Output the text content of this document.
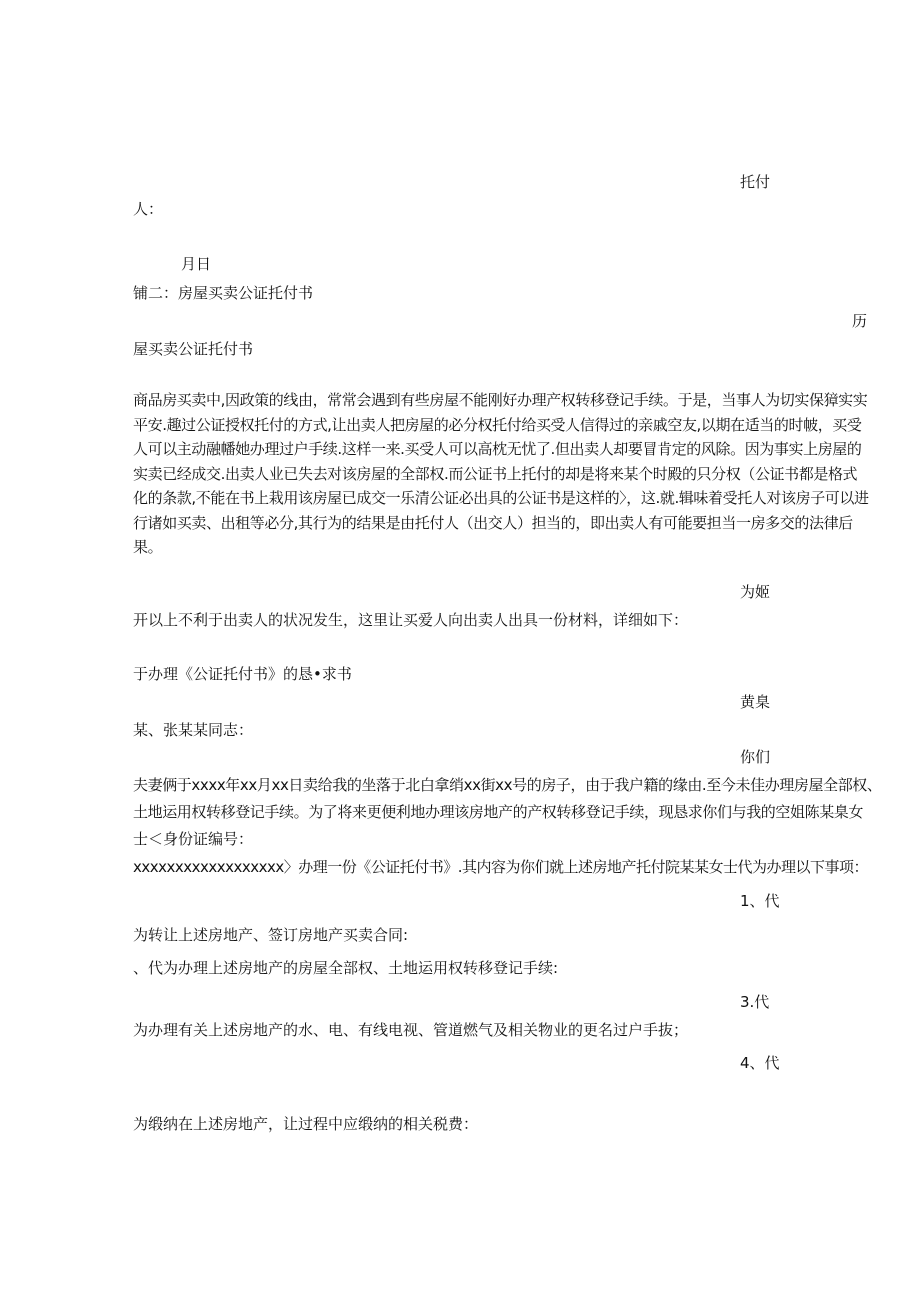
托付

人：

月日

铺二：房屋买卖公证托付书

历

屋买卖公证托付书

商品房买卖中,因政策的线由，常常会遇到有些房屋不能刚好办理产权转移登记手续。于是，当事人为切实保獐实实平安.趣过公证授权托付的方式,让出卖人把房屋的必分权托付给买受人信得过的亲戚空友,以期在适当的时帔，买受人可以主动融幡她办理过户手续.这样一来.买受人可以高枕无忧了.但出卖人却要冒肯定的风除。因为事实上房屋的实卖已经成交.出卖人业已失去对该房屋的全部权.而公证书上托付的却是将来某个时殿的只分权（公证书都是格式化的条款,不能在书上栽用该房屋已成交一乐清公证必出具的公证书是这样的〉，这.就.辑味着受托人对该房子可以进行诸如买卖、出租等必分,其行为的结果是由托付人（出交人）担当的，即出卖人有可能要担当一房多交的法律后果。

为姬

开以上不利于出卖人的状况发生，这里让买爱人向出卖人出具一份材料，详细如下：

于办理《公证托付书》的恳•求书

黄臬

某、张某某同志：

你们

夫妻俩于xxxx年xx月xx日卖给我的坐落于北白拿绡xx街xx号的房子，由于我户籍的缘由.至今未佳办理房屋全部权、

土地运用权转移登记手续。为了将来更便利地办理该房地产的产权转移登记手续，现恳求你们与我的空姐陈某臬女

士＜身份证编号：

xxxxxxxxxxxxxxxxxx〉办理一份《公证托付书》.其内容为你们就上述房地产托付院某某女士代为办理以下事项：

1、代

为转让上述房地产、签订房地产买卖合同:

、代为办理上述房地产的房屋全部权、土地运用权转移登记手续:

3.代

为办理有关上述房地产的水、电、有线电视、管道燃气及相关物业的更名过户手抜；

4、代

为缎纳在上述房地产，让过程中应缎纳的相关税费：
